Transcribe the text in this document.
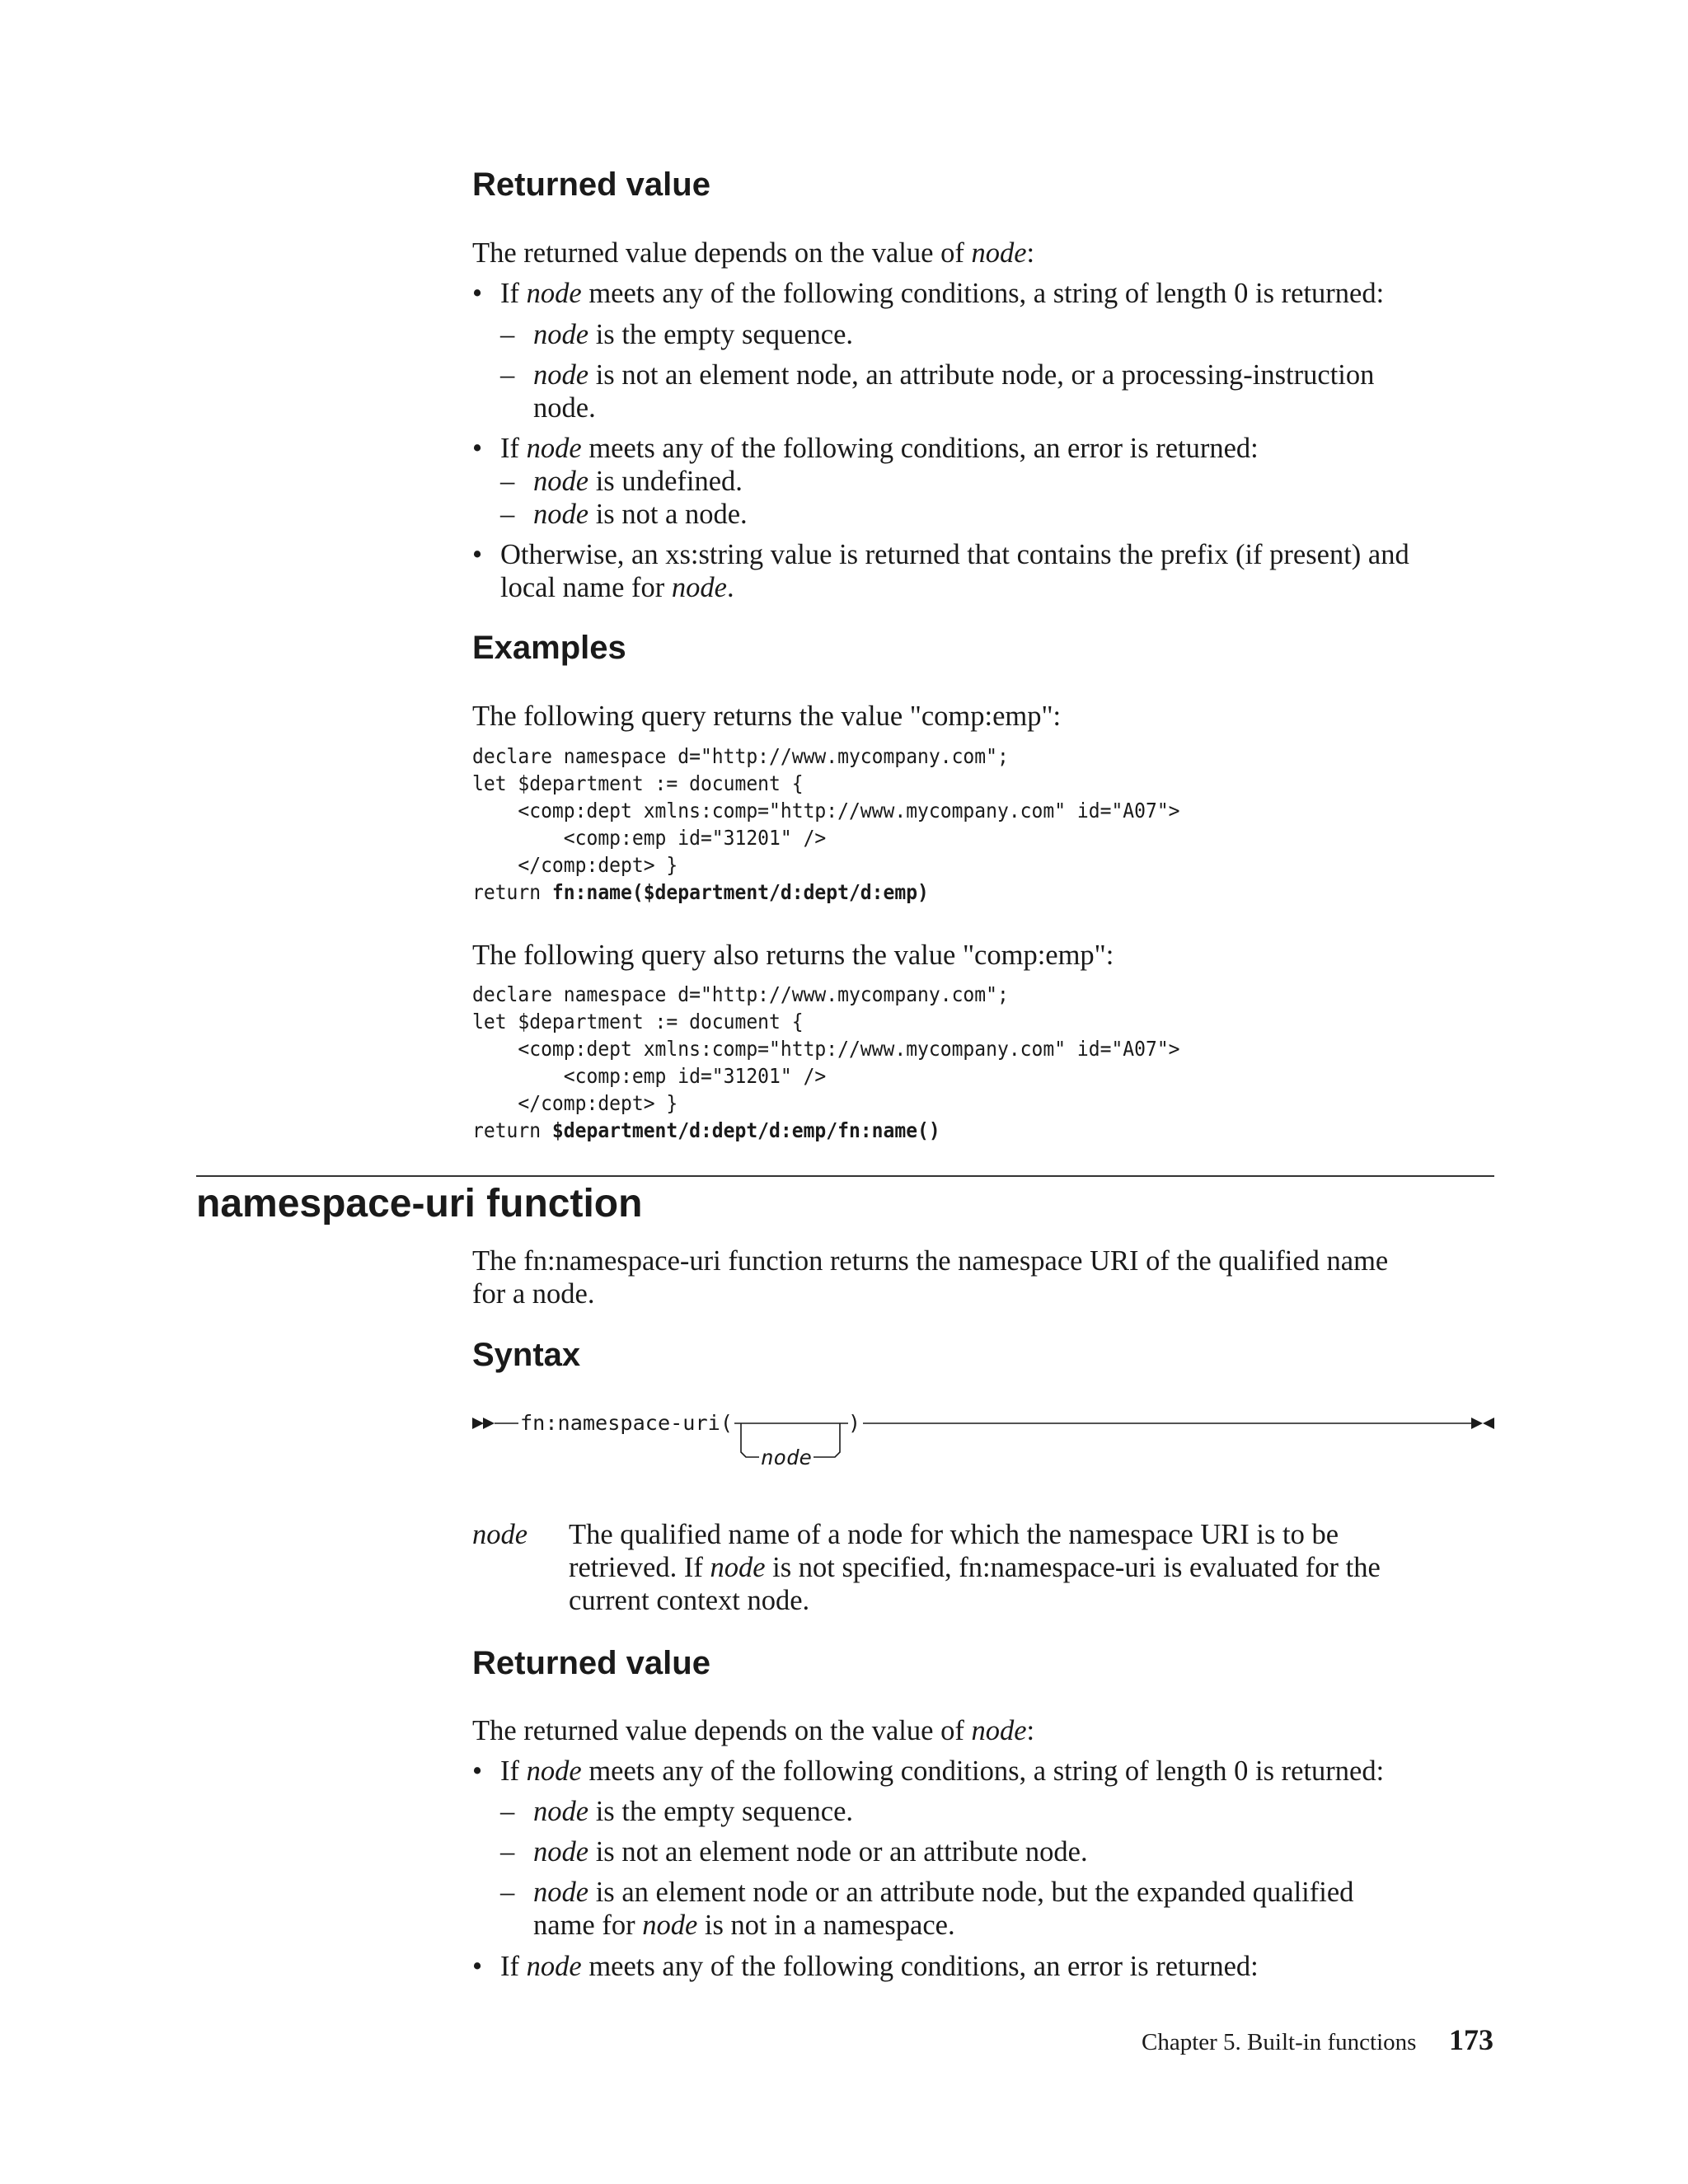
Returned value
The returned value depends on the value of node:
• If node meets any of the following conditions, a string of length 0 is returned:
– node is the empty sequence.
– node is not an element node, an attribute node, or a processing-instruction
node.
• If node meets any of the following conditions, an error is returned:
– node is undefined.
– node is not a node.
• Otherwise, an xs:string value is returned that contains the prefix (if present) and
local name for node.
Examples
The following query returns the value "comp:emp":
declare namespace d="http://www.mycompany.com";
let $department := document {
<comp:dept xmlns:comp="http://www.mycompany.com" id="A07">
<comp:emp id="31201" />
</comp:dept> }
return fn:name($department/d:dept/d:emp)
The following query also returns the value "comp:emp":
declare namespace d="http://www.mycompany.com";
let $department := document {
<comp:dept xmlns:comp="http://www.mycompany.com" id="A07">
<comp:emp id="31201" />
</comp:dept> }
return $department/d:dept/d:emp/fn:name()
namespace-uri function
The fn:namespace-uri function returns the namespace URI of the qualified name
for a node.
Syntax
fn:namespace-uri(
node
)
node The qualified name of a node for which the namespace URI is to be
retrieved. If node is not specified, fn:namespace-uri is evaluated for the
current context node.
Returned value
The returned value depends on the value of node:
• If node meets any of the following conditions, a string of length 0 is returned:
– node is the empty sequence.
– node is not an element node or an attribute node.
– node is an element node or an attribute node, but the expanded qualified
name for node is not in a namespace.
• If node meets any of the following conditions, an error is returned:
Chapter 5. Built-in functions 173
